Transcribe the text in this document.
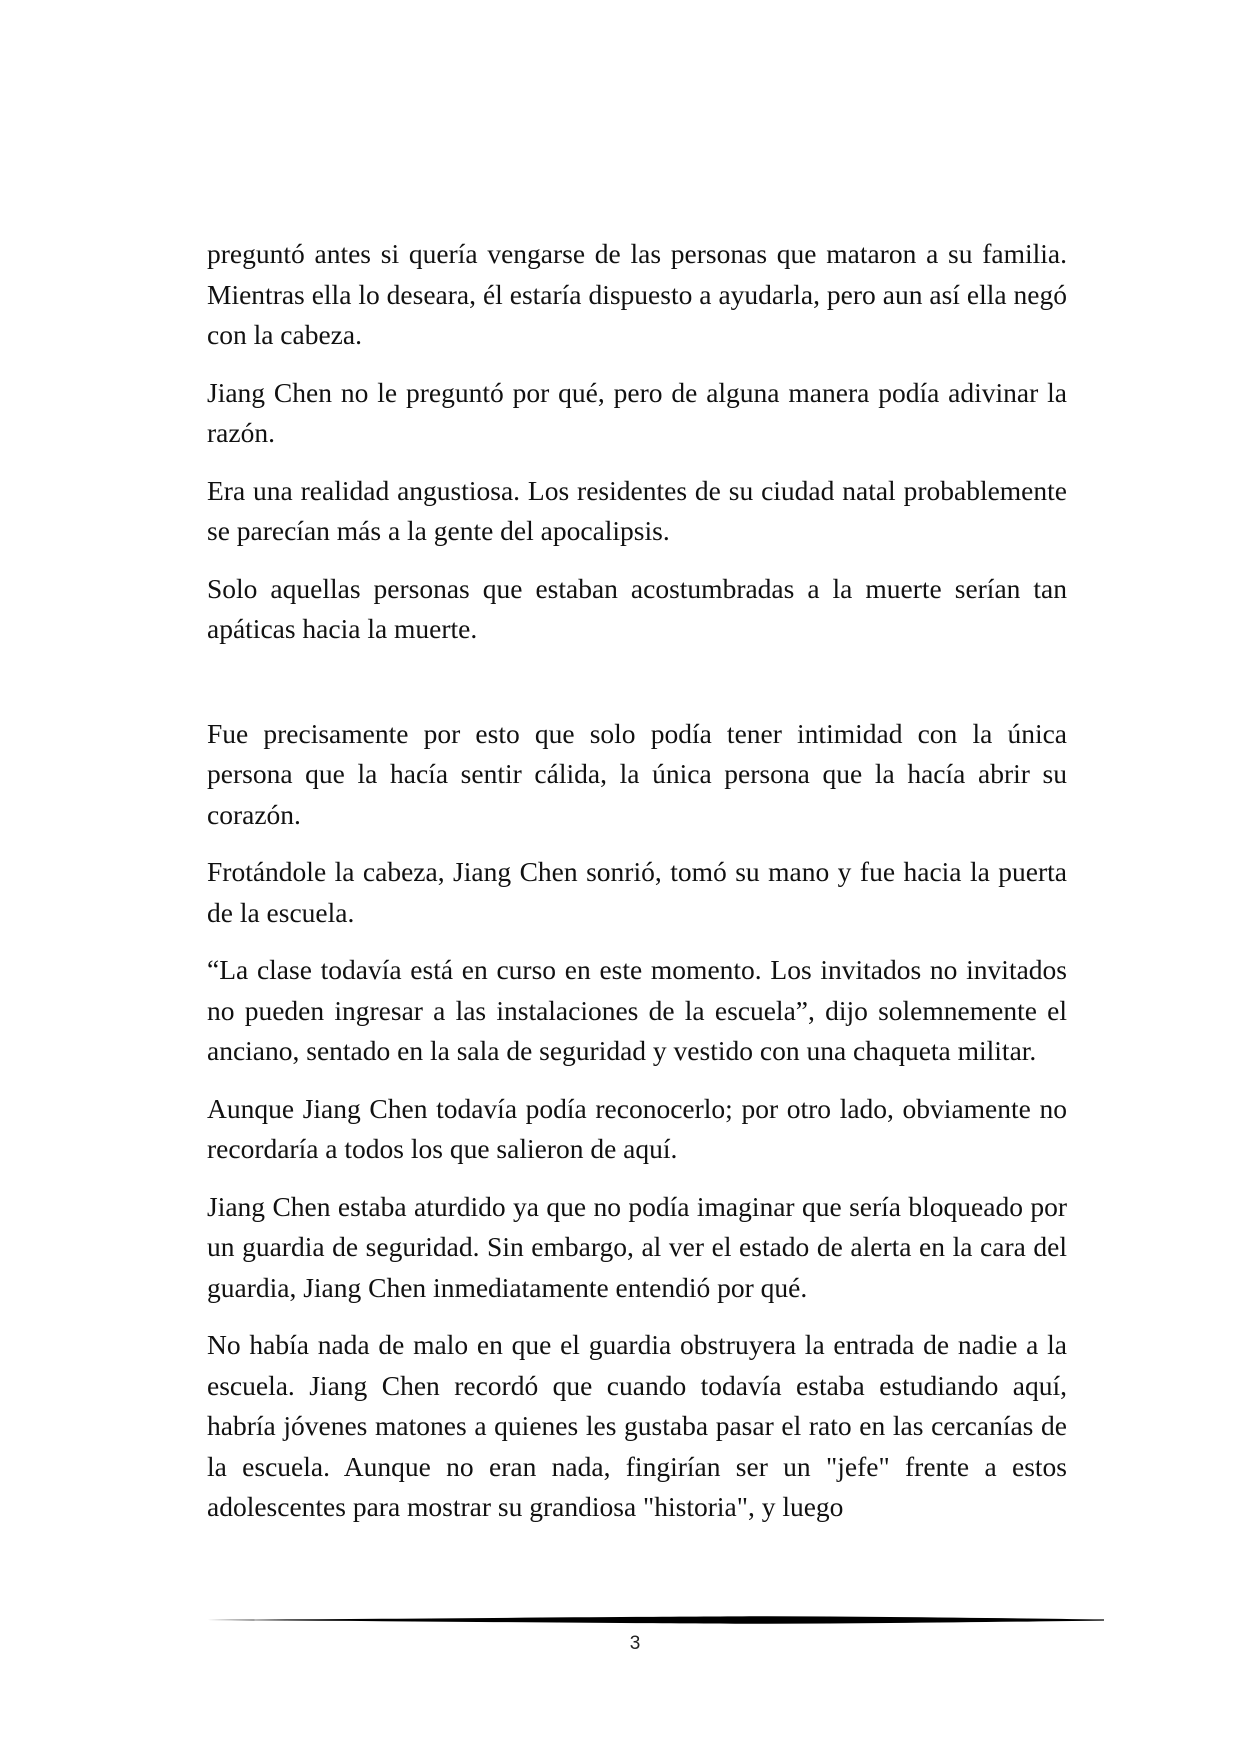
preguntó antes si quería vengarse de las personas que mataron a su familia. Mientras ella lo deseara, él estaría dispuesto a ayudarla, pero aun así ella negó con la cabeza.

Jiang Chen no le preguntó por qué, pero de alguna manera podía adivinar la razón.

Era una realidad angustiosa. Los residentes de su ciudad natal probablemente se parecían más a la gente del apocalipsis.

Solo aquellas personas que estaban acostumbradas a la muerte serían tan apáticas hacia la muerte.

Fue precisamente por esto que solo podía tener intimidad con la única persona que la hacía sentir cálida, la única persona que la hacía abrir su corazón.

Frotándole la cabeza, Jiang Chen sonrió, tomó su mano y fue hacia la puerta de la escuela.

“La clase todavía está en curso en este momento. Los invitados no invitados no pueden ingresar a las instalaciones de la escuela”, dijo solemnemente el anciano, sentado en la sala de seguridad y vestido con una chaqueta militar.

Aunque Jiang Chen todavía podía reconocerlo; por otro lado, obviamente no recordaría a todos los que salieron de aquí.

Jiang Chen estaba aturdido ya que no podía imaginar que sería bloqueado por un guardia de seguridad. Sin embargo, al ver el estado de alerta en la cara del guardia, Jiang Chen inmediatamente entendió por qué.

No había nada de malo en que el guardia obstruyera la entrada de nadie a la escuela. Jiang Chen recordó que cuando todavía estaba estudiando aquí, habría jóvenes matones a quienes les gustaba pasar el rato en las cercanías de la escuela. Aunque no eran nada, fingirían ser un "jefe" frente a estos adolescentes para mostrar su grandiosa "historia", y luego

3
